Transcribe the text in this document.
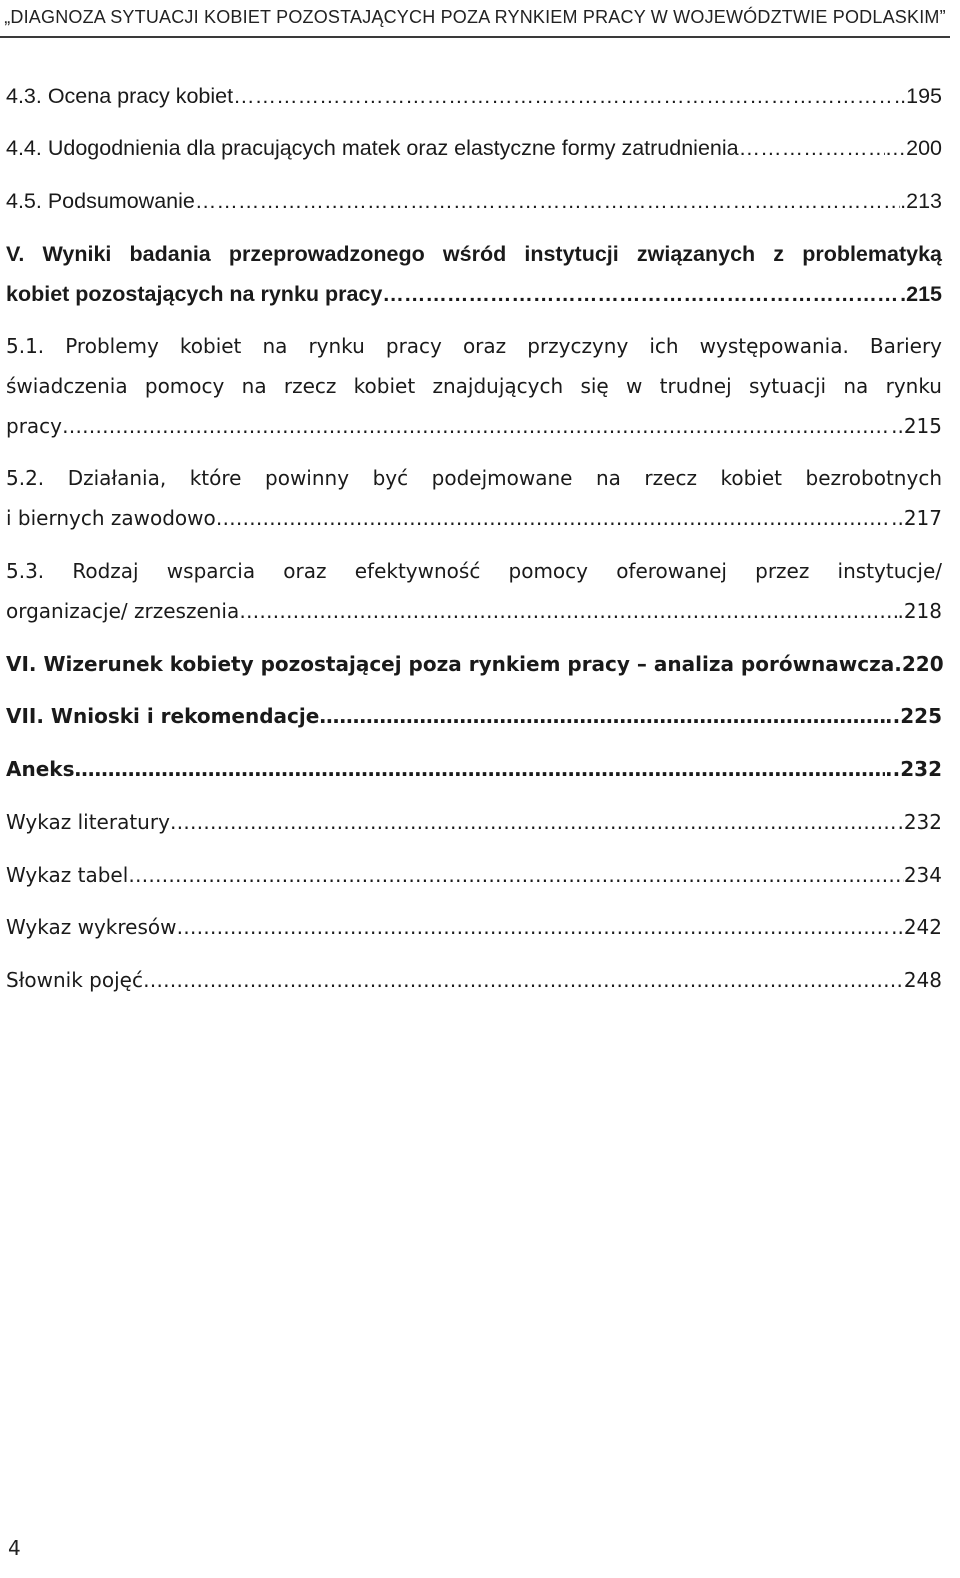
„DIAGNOZA SYTUACJI KOBIET POZOSTAJĄCYCH POZA RYNKIEM PRACY W WOJEWÓDZTWIE PODLASKIM”
4.3. Ocena pracy kobiet ………………………………………………………………………………………………………………………………………………………………………………………………………………………………………………	..195
4.4. Udogodnienia dla pracujących matek oraz elastyczne formy zatrudnienia ………………………………………………………………………………………………………………………………………………………………………………………………………………………………………………	…200
4.5. Podsumowanie ………………………………………………………………………………………………………………………………………………………………………………………………………………………………………………	.213
V. Wyniki badania przeprowadzonego wśród instytucji związanych z problematyką
kobiet pozostających na rynku pracy ………………………………………………………………………………………………………………………………………………………………………………………………………………………………………………	.215
5.1. Problemy kobiet na rynku pracy oraz przyczyny ich występowania. Bariery
świadczenia pomocy na rzecz kobiet znajdujących się w trudnej sytuacji na rynku
pracy ………………………………………………………………………………………………………………………………………………………………………………………………………………………………………………	..215
5.2. Działania, które powinny być podejmowane na rzecz kobiet bezrobotnych
i biernych zawodowo ………………………………………………………………………………………………………………………………………………………………………………………………………………………………………………	..217
5.3. Rodzaj wsparcia oraz efektywność pomocy oferowanej przez instytucje/
organizacje/ zrzeszenia ………………………………………………………………………………………………………………………………………………………………………………………………………………………………………………	.218
VI. Wizerunek kobiety pozostającej poza rynkiem pracy – analiza porównawcza .220
VII. Wnioski i rekomendacje ………………………………………………………………………………………………………………………………………………………………………………………………………………………………………………	..225
Aneks ………………………………………………………………………………………………………………………………………………………………………………………………………………………………………………	..232
Wykaz literatury ………………………………………………………………………………………………………………………………………………………………………………………………………………………………………………	.232
Wykaz tabel ………………………………………………………………………………………………………………………………………………………………………………………………………………………………………………	234
Wykaz wykresów ………………………………………………………………………………………………………………………………………………………………………………………………………………………………………………	..242
Słownik pojęć ………………………………………………………………………………………………………………………………………………………………………………………………………………………………………………	248
4
